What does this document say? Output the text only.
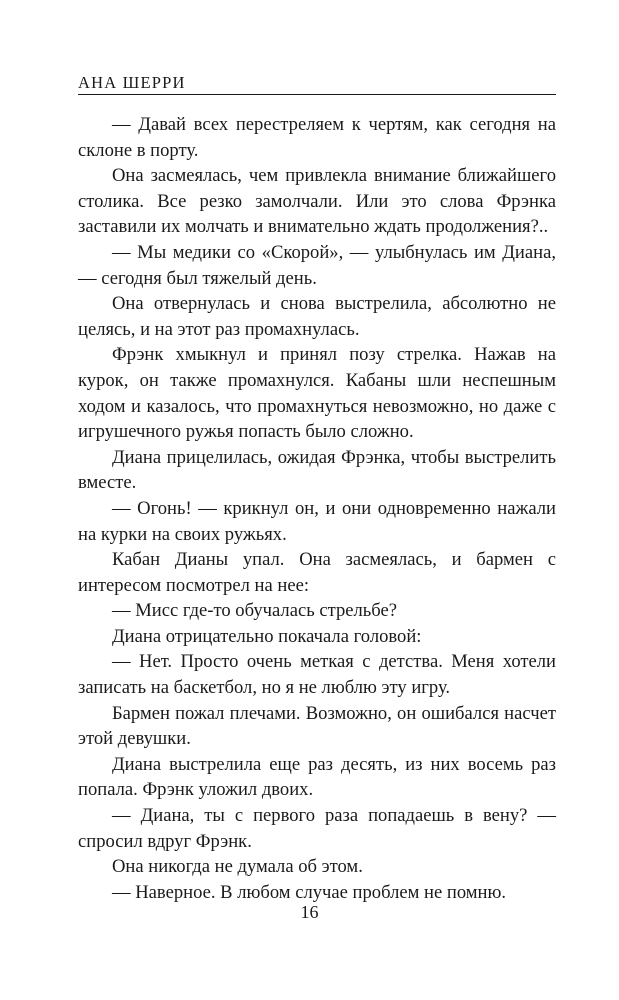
АНА ШЕРРИ

— Давай всех перестреляем к чертям, как сегодня на склоне в порту.

Она засмеялась, чем привлекла внимание ближайшего столика. Все резко замолчали. Или это слова Фрэнка заставили их молчать и внимательно ждать продолжения?..

— Мы медики со «Скорой», — улыбнулась им Диана, — сегодня был тяжелый день.

Она отвернулась и снова выстрелила, абсолютно не целясь, и на этот раз промахнулась.

Фрэнк хмыкнул и принял позу стрелка. Нажав на курок, он также промахнулся. Кабаны шли неспешным ходом и казалось, что промахнуться невозможно, но даже с игрушечного ружья попасть было сложно.

Диана прицелилась, ожидая Фрэнка, чтобы выстрелить вместе.

— Огонь! — крикнул он, и они одновременно нажали на курки на своих ружьях.

Кабан Дианы упал. Она засмеялась, и бармен с интересом посмотрел на нее:

— Мисс где-то обучалась стрельбе?

Диана отрицательно покачала головой:

— Нет. Просто очень меткая с детства. Меня хотели записать на баскетбол, но я не люблю эту игру.

Бармен пожал плечами. Возможно, он ошибался насчет этой девушки.

Диана выстрелила еще раз десять, из них восемь раз попала. Фрэнк уложил двоих.

— Диана, ты с первого раза попадаешь в вену? — спросил вдруг Фрэнк.

Она никогда не думала об этом.

— Наверное. В любом случае проблем не помню.

16
